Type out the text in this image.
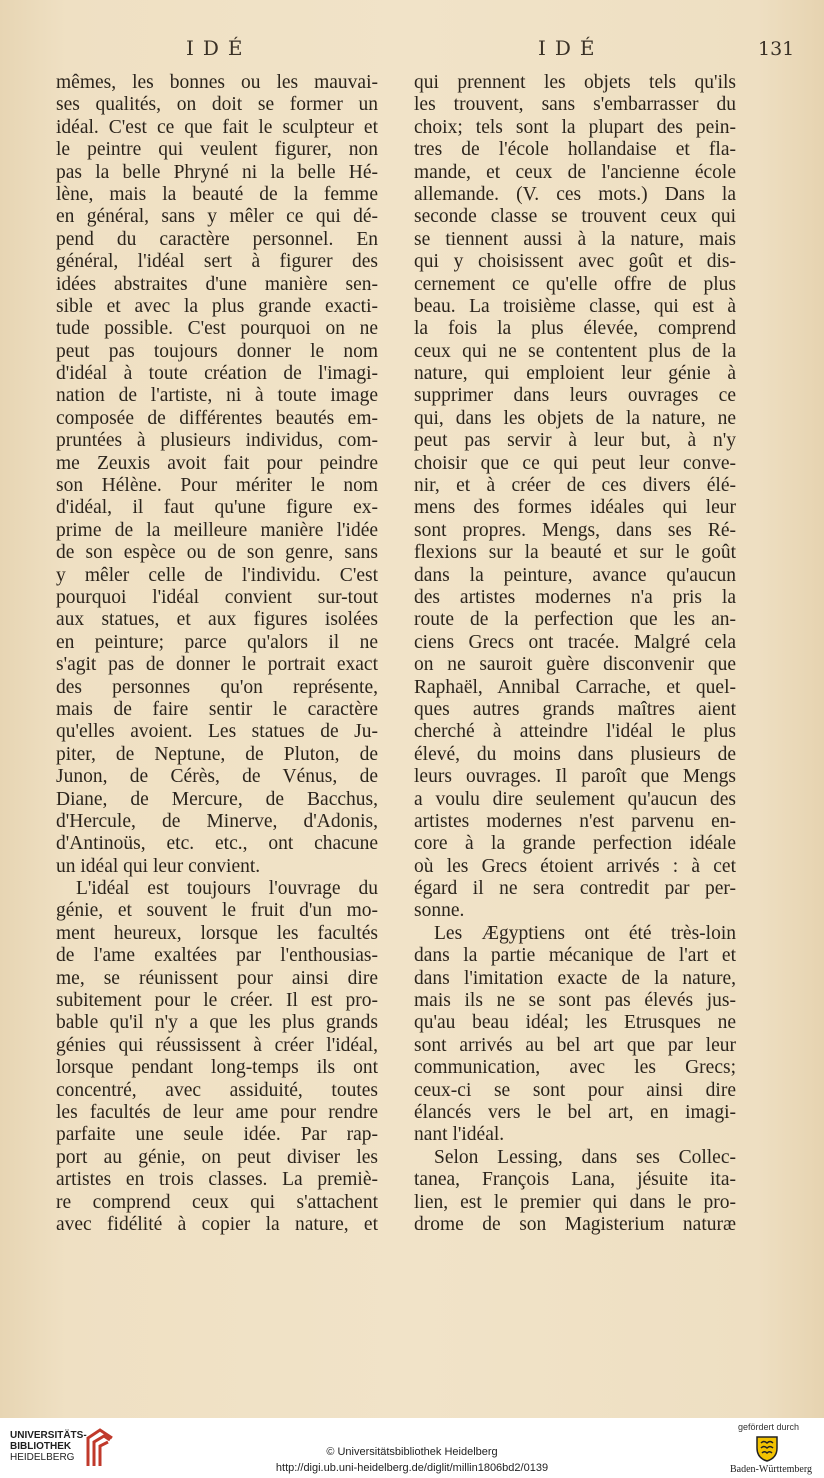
IDÉ	IDÉ	131
mêmes, les bonnes ou les mauvai-
ses qualités, on doit se former un
idéal. C'est ce que fait le sculpteur et
le peintre qui veulent figurer, non
pas la belle Phryné ni la belle Hé-
lène, mais la beauté de la femme
en général, sans y mêler ce qui dé-
pend du caractère personnel. En
général, l'idéal sert à figurer des
idées abstraites d'une manière sen-
sible et avec la plus grande exacti-
tude possible. C'est pourquoi on ne
peut pas toujours donner le nom
d'idéal à toute création de l'imagi-
nation de l'artiste, ni à toute image
composée de différentes beautés em-
pruntées à plusieurs individus, com-
me Zeuxis avoit fait pour peindre
son Hélène. Pour mériter le nom
d'idéal, il faut qu'une figure ex-
prime de la meilleure manière l'idée
de son espèce ou de son genre, sans
y mêler celle de l'individu. C'est
pourquoi l'idéal convient sur-tout
aux statues, et aux figures isolées
en peinture; parce qu'alors il ne
s'agit pas de donner le portrait exact
des personnes qu'on représente,
mais de faire sentir le caractère
qu'elles avoient. Les statues de Ju-
piter, de Neptune, de Pluton, de
Junon, de Cérès, de Vénus, de
Diane, de Mercure, de Bacchus,
d'Hercule, de Minerve, d'Adonis,
d'Antinoüs, etc. etc., ont chacune
un idéal qui leur convient.
L'idéal est toujours l'ouvrage du
génie, et souvent le fruit d'un mo-
ment heureux, lorsque les facultés
de l'ame exaltées par l'enthousias-
me, se réunissent pour ainsi dire
subitement pour le créer. Il est pro-
bable qu'il n'y a que les plus grands
génies qui réussissent à créer l'idéal,
lorsque pendant long-temps ils ont
concentré, avec assiduité, toutes
les facultés de leur ame pour rendre
parfaite une seule idée. Par rap-
port au génie, on peut diviser les
artistes en trois classes. La premiè-
re comprend ceux qui s'attachent
avec fidélité à copier la nature, et
qui prennent les objets tels qu'ils
les trouvent, sans s'embarrasser du
choix; tels sont la plupart des pein-
tres de l'école hollandaise et fla-
mande, et ceux de l'ancienne école
allemande. (V. ces mots.) Dans la
seconde classe se trouvent ceux qui
se tiennent aussi à la nature, mais
qui y choisissent avec goût et dis-
cernement ce qu'elle offre de plus
beau. La troisième classe, qui est à
la fois la plus élevée, comprend
ceux qui ne se contentent plus de la
nature, qui emploient leur génie à
supprimer dans leurs ouvrages ce
qui, dans les objets de la nature, ne
peut pas servir à leur but, à n'y
choisir que ce qui peut leur conve-
nir, et à créer de ces divers élé-
mens des formes idéales qui leur
sont propres. Mengs, dans ses Ré-
flexions sur la beauté et sur le goût
dans la peinture, avance qu'aucun
des artistes modernes n'a pris la
route de la perfection que les an-
ciens Grecs ont tracée. Malgré cela
on ne sauroit guère disconvenir que
Raphaël, Annibal Carrache, et quel-
ques autres grands maîtres aient
cherché à atteindre l'idéal le plus
élevé, du moins dans plusieurs de
leurs ouvrages. Il paroît que Mengs
a voulu dire seulement qu'aucun des
artistes modernes n'est parvenu en-
core à la grande perfection idéale
où les Grecs étoient arrivés : à cet
égard il ne sera contredit par per-
sonne.
Les Ægyptiens ont été très-loin
dans la partie mécanique de l'art et
dans l'imitation exacte de la nature,
mais ils ne se sont pas élevés jus-
qu'au beau idéal; les Etrusques ne
sont arrivés au bel art que par leur
communication, avec les Grecs;
ceux-ci se sont pour ainsi dire
élancés vers le bel art, en imagi-
nant l'idéal.
Selon Lessing, dans ses Collec-
tanea, François Lana, jésuite ita-
lien, est le premier qui dans le pro-
drome de son Magisterium naturæ
UNIVERSITÄTS-
BIBLIOTHEK
HEIDELBERG	© Universitätsbibliothek Heidelberg
http://digi.ub.uni-heidelberg.de/diglit/millin1806bd2/0139
gefördert durch
Baden-Württemberg
